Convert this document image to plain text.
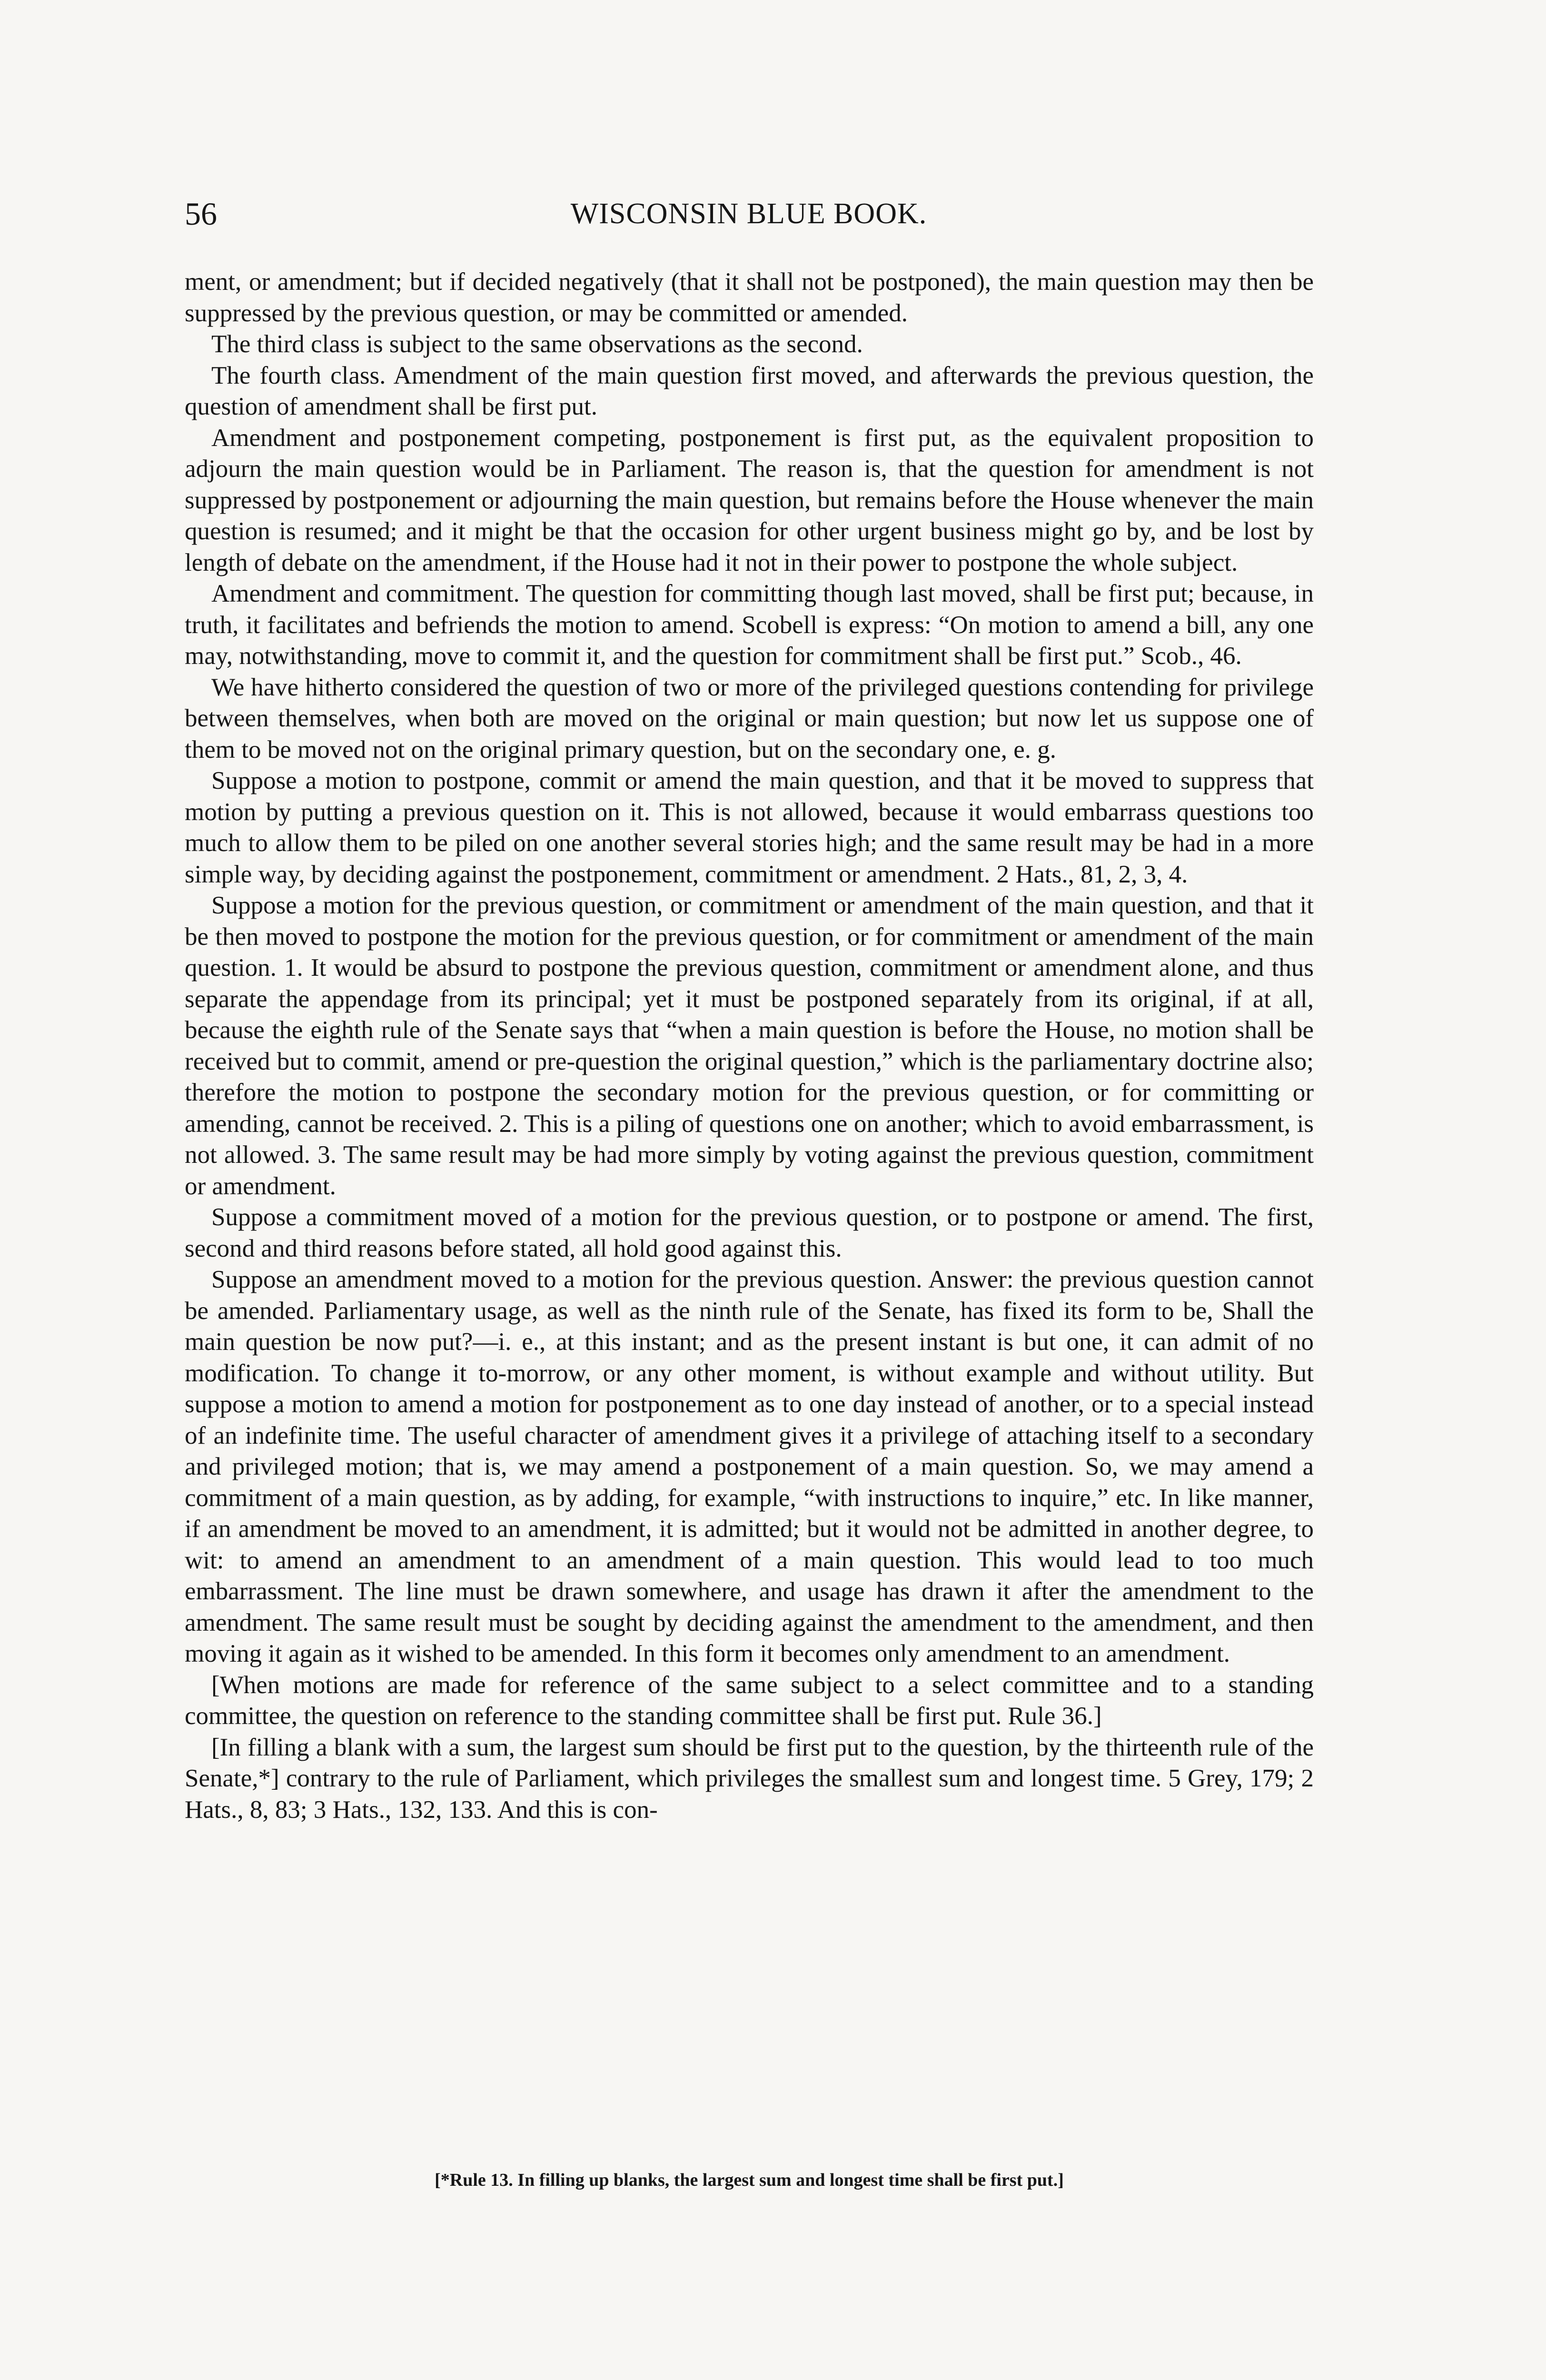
56	WISCONSIN BLUE BOOK.

ment, or amendment; but if decided negatively (that it shall not be postponed), the main question may then be suppressed by the previous question, or may be committed or amended.

The third class is subject to the same observations as the second.

The fourth class. Amendment of the main question first moved, and afterwards the previous question, the question of amendment shall be first put.

Amendment and postponement competing, postponement is first put, as the equivalent proposition to adjourn the main question would be in Parliament. The reason is, that the question for amendment is not suppressed by postponement or adjourning the main question, but remains before the House whenever the main question is resumed; and it might be that the occasion for other urgent business might go by, and be lost by length of debate on the amendment, if the House had it not in their power to postpone the whole subject.

Amendment and commitment. The question for committing though last moved, shall be first put; because, in truth, it facilitates and befriends the motion to amend. Scobell is express: “On motion to amend a bill, any one may, notwithstanding, move to commit it, and the question for commitment shall be first put.” Scob., 46.

We have hitherto considered the question of two or more of the privileged questions contending for privilege between themselves, when both are moved on the original or main question; but now let us suppose one of them to be moved not on the original primary question, but on the secondary one, e. g.

Suppose a motion to postpone, commit or amend the main question, and that it be moved to suppress that motion by putting a previous question on it. This is not allowed, because it would embarrass questions too much to allow them to be piled on one another several stories high; and the same result may be had in a more simple way, by deciding against the postponement, commitment or amendment. 2 Hats., 81, 2, 3, 4.

Suppose a motion for the previous question, or commitment or amendment of the main question, and that it be then moved to postpone the motion for the previous question, or for commitment or amendment of the main question. 1. It would be absurd to postpone the previous question, commitment or amendment alone, and thus separate the appendage from its principal; yet it must be postponed separately from its original, if at all, because the eighth rule of the Senate says that “when a main question is before the House, no motion shall be received but to commit, amend or pre-question the original question,” which is the parliamentary doctrine also; therefore the motion to postpone the secondary motion for the previous question, or for committing or amending, cannot be received. 2. This is a piling of questions one on another; which to avoid embarrassment, is not allowed. 3. The same result may be had more simply by voting against the previous question, commitment or amendment.

Suppose a commitment moved of a motion for the previous question, or to postpone or amend. The first, second and third reasons before stated, all hold good against this.

Suppose an amendment moved to a motion for the previous question. Answer: the previous question cannot be amended. Parliamentary usage, as well as the ninth rule of the Senate, has fixed its form to be, Shall the main question be now put?—i. e., at this instant; and as the present instant is but one, it can admit of no modification. To change it to-morrow, or any other moment, is without example and without utility. But suppose a motion to amend a motion for postponement as to one day instead of another, or to a special instead of an indefinite time. The useful character of amendment gives it a privilege of attaching itself to a secondary and privileged motion; that is, we may amend a postponement of a main question. So, we may amend a commitment of a main question, as by adding, for example, “with instructions to inquire,” etc. In like manner, if an amendment be moved to an amendment, it is admitted; but it would not be admitted in another degree, to wit: to amend an amendment to an amendment of a main question. This would lead to too much embarrassment. The line must be drawn somewhere, and usage has drawn it after the amendment to the amendment. The same result must be sought by deciding against the amendment to the amendment, and then moving it again as it wished to be amended. In this form it becomes only amendment to an amendment.

[When motions are made for reference of the same subject to a select committee and to a standing committee, the question on reference to the standing committee shall be first put. Rule 36.]

[In filling a blank with a sum, the largest sum should be first put to the question, by the thirteenth rule of the Senate,*] contrary to the rule of Parliament, which privileges the smallest sum and longest time. 5 Grey, 179; 2 Hats., 8, 83; 3 Hats., 132, 133. And this is con-

[*Rule 13. In filling up blanks, the largest sum and longest time shall be first put.]
